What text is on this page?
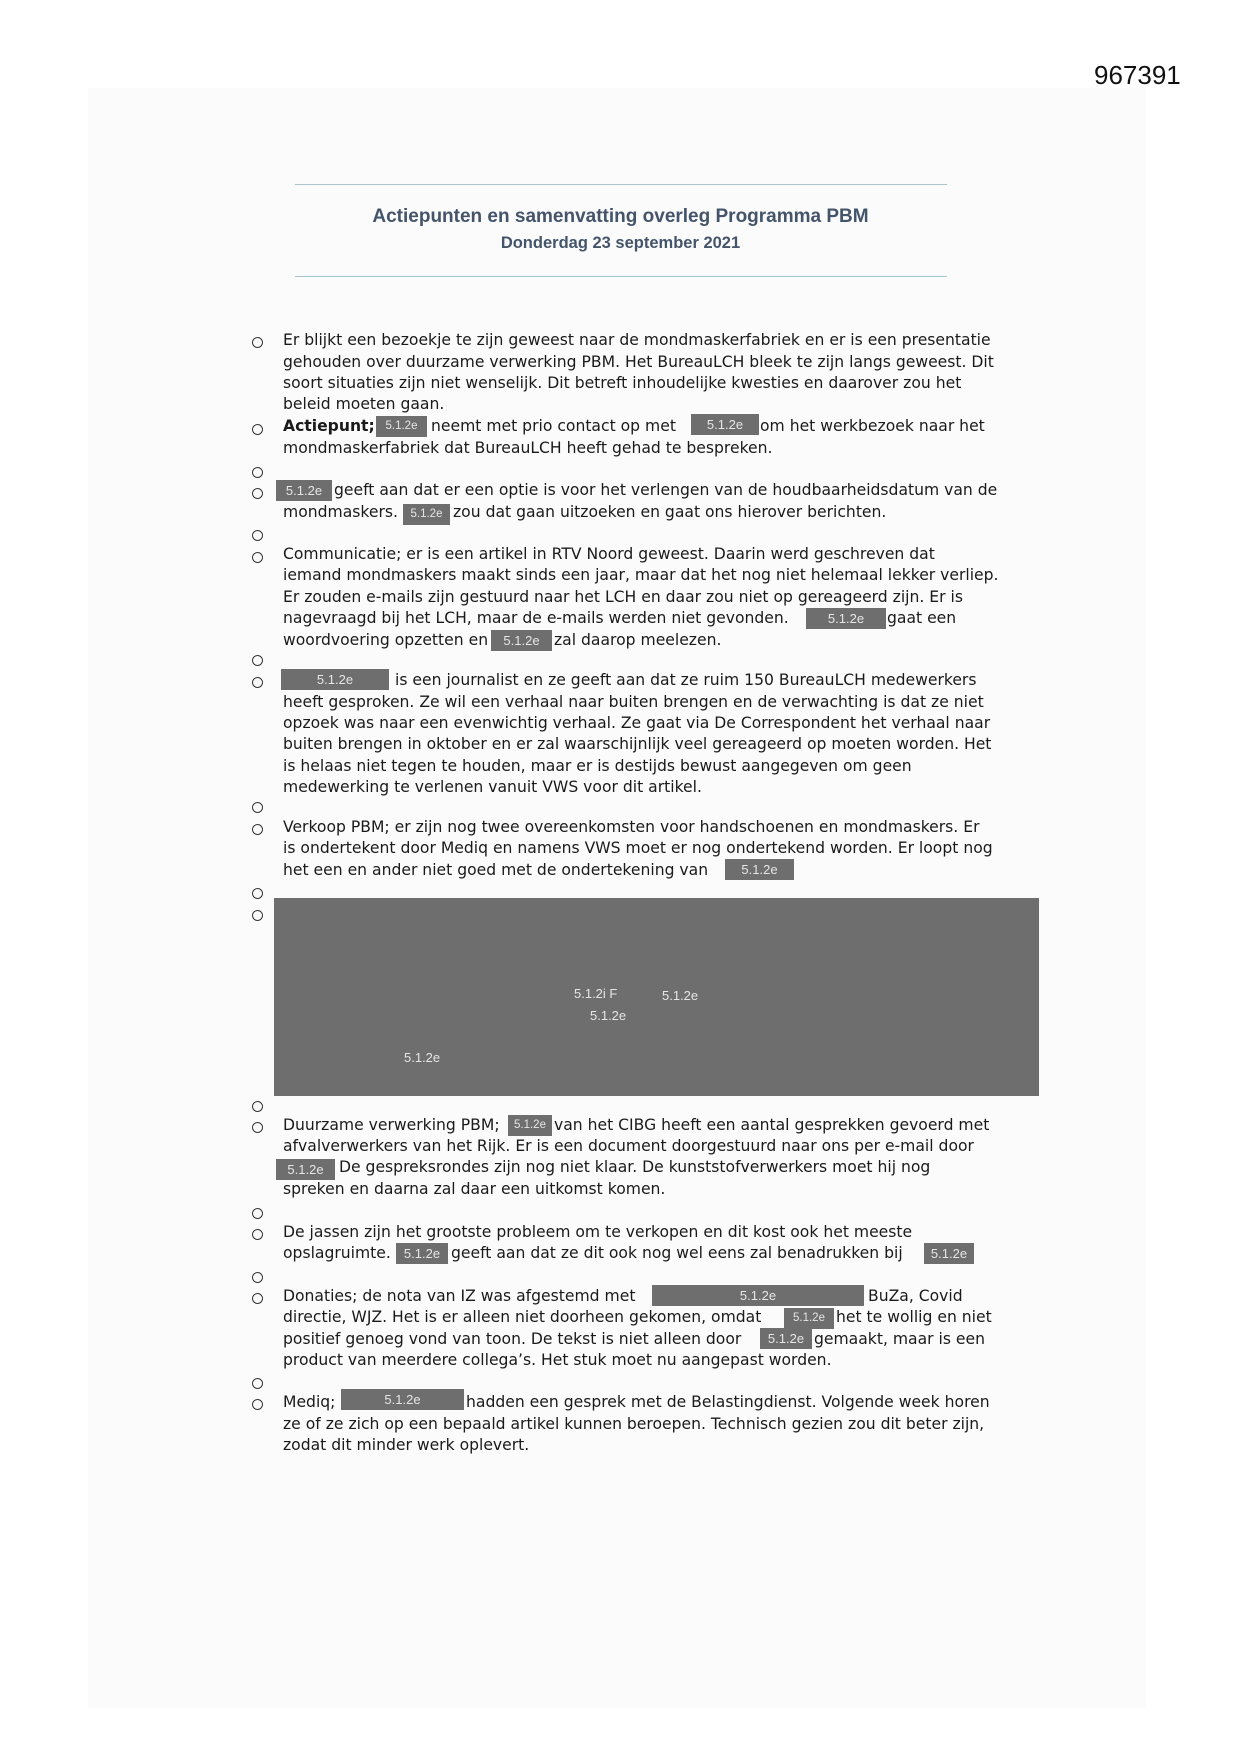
967391
Actiepunten en samenvatting overleg Programma PBM
Donderdag 23 september 2021
Er blijkt een bezoekje te zijn geweest naar de mondmaskerfabriek en er is een presentatie
gehouden over duurzame verwerking PBM. Het BureauLCH bleek te zijn langs geweest. Dit
soort situaties zijn niet wenselijk. Dit betreft inhoudelijke kwesties en daarover zou het
beleid moeten gaan.
Actiepunt; 5.1.2e neemt met prio contact op met	5.1.2e	om het werkbezoek naar het
mondmaskerfabriek dat BureauLCH heeft gehad te bespreken.
5.1.2e geeft aan dat er een optie is voor het verlengen van de houdbaarheidsdatum van de
mondmaskers.	5.1.2e zou dat gaan uitzoeken en gaat ons hierover berichten.
Communicatie; er is een artikel in RTV Noord geweest. Daarin werd geschreven dat
iemand mondmaskers maakt sinds een jaar, maar dat het nog niet helemaal lekker verliep.
Er zouden e-mails zijn gestuurd naar het LCH en daar zou niet op gereageerd zijn. Er is
nagevraagd bij het LCH, maar de e-mails werden niet gevonden.	5.1.2e	gaat een
woordvoering opzetten en	5.1.2e zal daarop meelezen.
5.1.2e	is een journalist en ze geeft aan dat ze ruim 150 BureauLCH medewerkers
heeft gesproken. Ze wil een verhaal naar buiten brengen en de verwachting is dat ze niet
opzoek was naar een evenwichtig verhaal. Ze gaat via De Correspondent het verhaal naar
buiten brengen in oktober en er zal waarschijnlijk veel gereageerd op moeten worden. Het
is helaas niet tegen te houden, maar er is destijds bewust aangegeven om geen
medewerking te verlenen vanuit VWS voor dit artikel.
Verkoop PBM; er zijn nog twee overeenkomsten voor handschoenen en mondmaskers. Er
is ondertekent door Mediq en namens VWS moet er nog ondertekend worden. Er loopt nog
het een en ander niet goed met de ondertekening van	5.1.2e
5.1.2i F	5.1.2e
5.1.2e
5.1.2e
Duurzame verwerking PBM;	5.1.2e van het CIBG heeft een aantal gesprekken gevoerd met
afvalverwerkers van het Rijk. Er is een document doorgestuurd naar ons per e-mail door
5.1.2e De gespreksrondes zijn nog niet klaar. De kunststofverwerkers moet hij nog
spreken en daarna zal daar een uitkomst komen.
De jassen zijn het grootste probleem om te verkopen en dit kost ook het meeste
opslagruimte.	5.1.2e geeft aan dat ze dit ook nog wel eens zal benadrukken bij	5.1.2e
Donaties; de nota van IZ was afgestemd met	5.1.2e	BuZa, Covid
directie, WJZ. Het is er alleen niet doorheen gekomen, omdat	5.1.2e het te wollig en niet
positief genoeg vond van toon. De tekst is niet alleen door	5.1.2e gemaakt, maar is een
product van meerdere collega’s. Het stuk moet nu aangepast worden.
Mediq;	5.1.2e	hadden een gesprek met de Belastingdienst. Volgende week horen
ze of ze zich op een bepaald artikel kunnen beroepen. Technisch gezien zou dit beter zijn,
zodat dit minder werk oplevert.
